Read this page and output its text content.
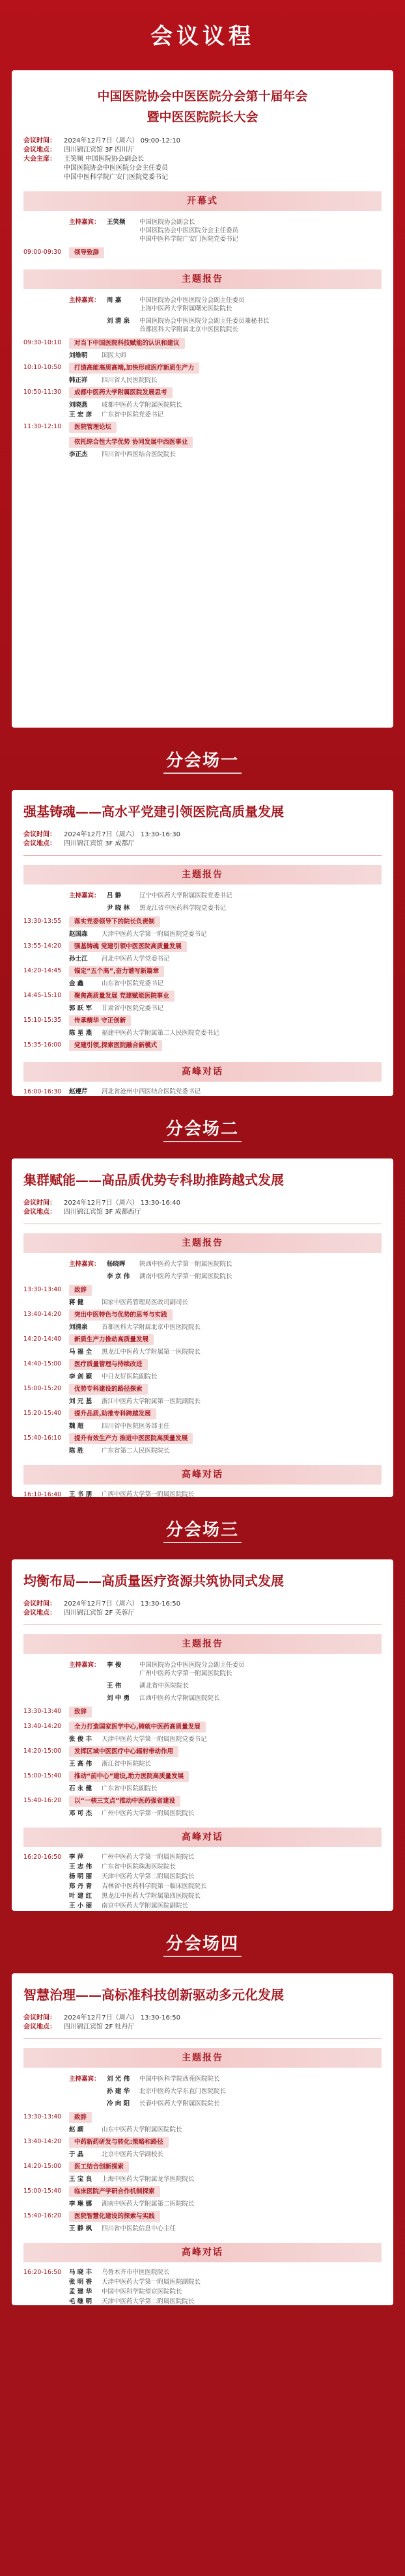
会议议程
中国医院协会中医医院分会第十届年会
暨中医医院院长大会
会议时间：	2024年12月7日（周六） 09:00-12:10
会议地点：	四川锦江宾馆 3F 四川厅
大会主席：	王笑频 中国医院协会副会长
中国医院协会中医医院分会主任委员
中国中医科学院广安门医院党委书记
开幕式
主持嘉宾：	王笑频	中国医院协会副会长
中国医院协会中医医院分会主任委员
中国中医科学院广安门医院党委书记
09:00-09:30	领导致辞
主题报告
主持嘉宾：	周 嘉	中国医院协会中医医院分会副主任委员
上海中医药大学附属曙光医院院长
刘 清 泉	中国医院协会中医医院分会副主任委员兼秘书长
首都医科大学附属北京中医医院院长
09:30-10:10	对当下中国医院科技赋能的认识和建议
刘维明	国医大师
10:10-10:50	打造高能高质高端,加快形成医疗新质生产力
韩正祥	四川省人民医院院长
10:50-11:30	成都中医药大学附属医院发展思考
刘晓燕	成都中医药大学附属医院院长
王 宏 彦	广东省中医院党委书记
11:30-12:10	医院管理论坛
依托综合性大学优势 协同发展中西医事业
李正杰	四川省中西医结合医院院长
分会场一
强基铸魂——高水平党建引领医院高质量发展
会议时间：	2024年12月7日（周六） 13:30-16:30
会议地点：	四川锦江宾馆 3F 成都厅
主题报告
主持嘉宾：	吕 静	辽宁中医药大学附属医院党委书记
尹 晓 林	黑龙江省中医药科学院党委书记
13:30-13:55	落实党委领导下的院长负责制
赵国森	天津中医药大学第一附属医院党委书记
13:55-14:20	强基铸魂 党建引领中医医院高质量发展
孙士江	河北中医药大学党委书记
14:20-14:45	锚定“五个高”,奋力谱写新篇章
金 鑫	山东省中医院党委书记
14:45-15:10	聚焦高质量发展 党建赋能医院事业
郭 跃 军	甘肃省中医院党委书记
15:10-15:35	传承精华 守正创新
陈 星 燕	福建中医药大学附属第二人民医院党委书记
15:35-16:00	党建引领,探索医院融合新模式
高峰对话
16:00-16:30	赵遵芹	河北省沧州中西医结合医院党委书记
分会场二
集群赋能——高品质优势专科助推跨越式发展
会议时间：	2024年12月7日（周六） 13:30-16:40
会议地点：	四川锦江宾馆 3F 成都西厅
主题报告
主持嘉宾：	杨晓晖	陕西中医药大学第一附属医院院长
李 京 伟	湖南中医药大学第一附属医院院长
13:30-13:40	致辞
蒋 健	国家中医药管理局医政司副司长
13:40-14:20	突出中医特色与优势的思考与实践
刘清泉	首都医科大学附属北京中医医院院长
14:20-14:40	新质生产力推动高质量发展
马 福 全	黑龙江中医药大学附属第一医院院长
14:40-15:00	医疗质量管理与持续改进
李 剑 颖	中日友好医院副院长
15:00-15:20	优势专科建设的路径探索
刘 元 基	浙江中医药大学附属第一医院副院长
15:20-15:40	提升品质,助推专科跨越发展
魏 超	四川省中医院医务部主任
15:40-16:10	提升有效生产力 推进中医医院高质量发展
陈 胜	广东省第二人民医院院长
高峰对话
16:10-16:40	王 书 朋	广西中医药大学第一附属医院院长
分会场三
均衡布局——高质量医疗资源共筑协同式发展
会议时间：	2024年12月7日（周六） 13:30-16:50
会议地点：	四川锦江宾馆 2F 芙蓉厅
主题报告
主持嘉宾：	李 俊	中国医院协会中医医院分会副主任委员
广州中医药大学第一附属医院院长
王 伟	湖北省中医院院长
刘 中 勇	江西中医药大学附属医院院长
13:30-13:40	致辞
13:40-14:20	全力打造国家医学中心,铸就中医药高质量发展
张 俊 丰	天津中医药大学第一附属医院党委书记
14:20-15:00	发挥区域中医医疗中心辐射带动作用
王 高 伟	浙江省中医院院长
15:00-15:40	推动“前中心”建设,助力医院高质量发展
石 永 健	广东省中医院副院长
15:40-16:20	以“一核三支点”推动中医药强省建设
邓 可 杰	广州中医药大学第一附属医院院长
高峰对话
16:20-16:50	李 萍	广州中医药大学第一附属医院院长
王 志 伟	广东省中医院珠海医院院长
杨 明 丽	天津中医药大学第二附属医院院长
郑 丹 青	吉林省中医药科学院第一临床医院院长
叶 建 红	黑龙江中医药大学附属第四医院院长
王 小 丽	南京中医药大学附属医院副院长
分会场四
智慧治理——高标准科技创新驱动多元化发展
会议时间：	2024年12月7日（周六） 13:30-16:50
会议地点：	四川锦江宾馆 2F 牡丹厅
主题报告
主持嘉宾：	刘 光 伟	中国中医科学院西苑医院院长
孙 建 华	北京中医药大学东直门医院院长
冷 向 阳	长春中医药大学附属医院院长
13:30-13:40	致辞
赵 颜	山东中医药大学附属医院院长
13:40-14:20	中药新药研发与转化:策略和路径
于 晶	北京中医药大学副校长
14:20-15:00	医工结合创新探索
王 宝 良	上海中医药大学附属龙华医院院长
15:00-15:40	临床医院产学研合作机制探索
李 琳 娜	湖南中医药大学附属第二医院院长
15:40-16:20	医院智慧化建设的探索与实践
王 静 枫	四川省中医院信息中心主任
高峰对话
16:20-16:50	马 晓 丰	乌鲁木齐市中医医院院长
张 明 香	天津中医药大学第一附属医院副院长
孟 建 华	中国中医科学院望京医院院长
毛 继 明	天津中医药大学第二附属医院院长
